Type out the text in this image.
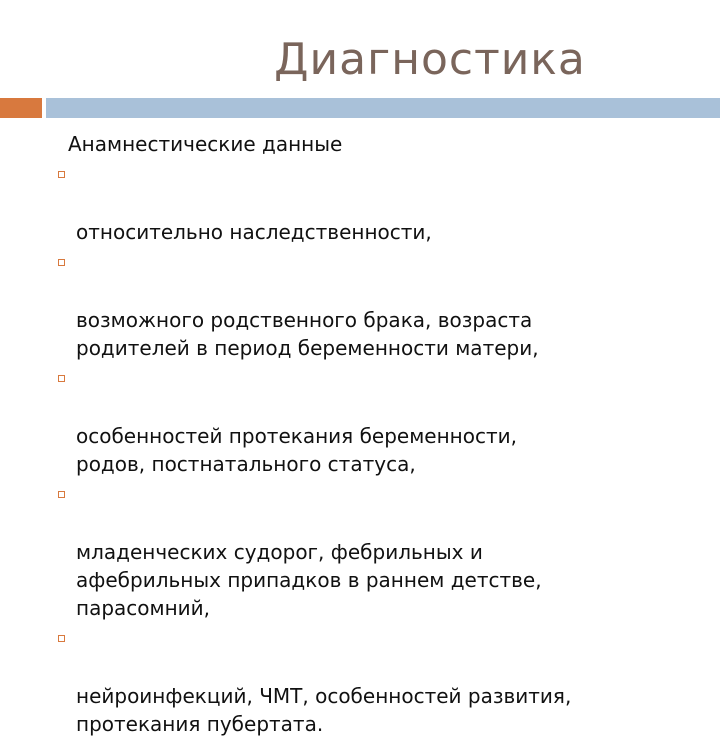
Диагностика

Анамнестические данные

относительно наследственности,

возможного родственного брака, возраста
родителей в период беременности матери,

особенностей протекания беременности,
родов, постнатального статуса,

младенческих судорог, фебрильных и
афебрильных припадков в раннем детстве,
парасомний,

нейроинфекций, ЧМТ, особенностей развития,
протекания пубертата.
